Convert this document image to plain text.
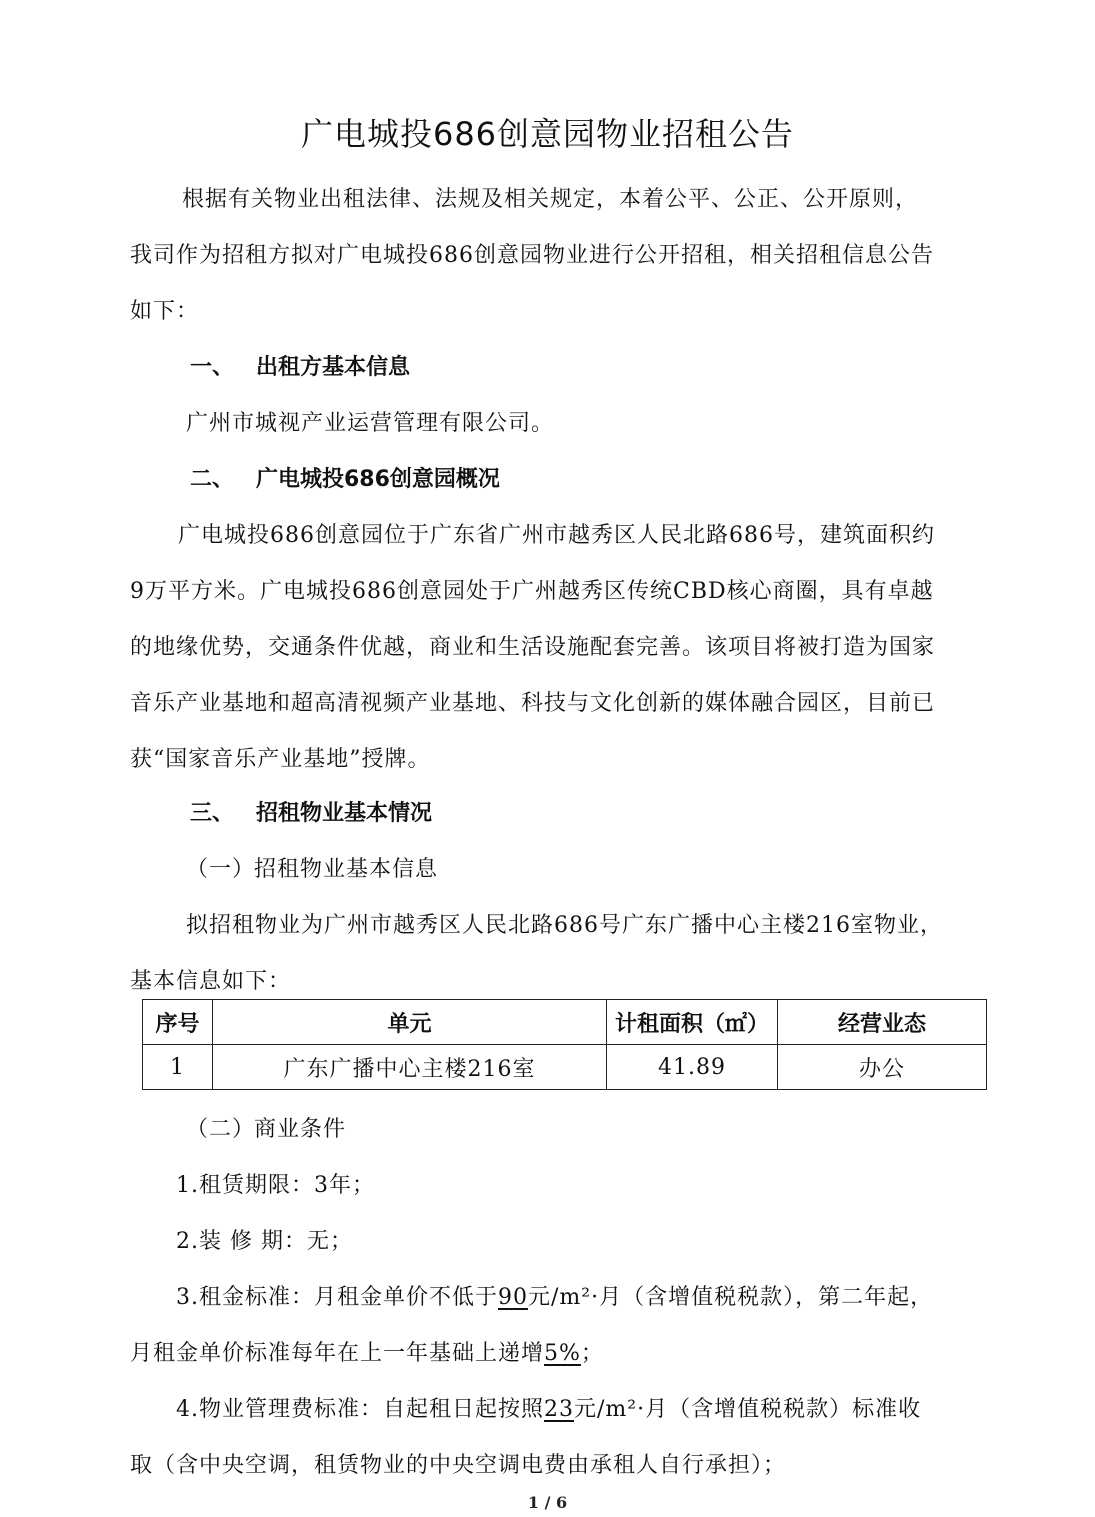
广电城投686创意园物业招租公告
根据有关物业出租法律、法规及相关规定，本着公平、公正、公开原则，
我司作为招租方拟对广电城投686创意园物业进行公开招租，相关招租信息公告
如下：
一、 出租方基本信息
广州市城视产业运营管理有限公司。
二、 广电城投686创意园概况
广电城投686创意园位于广东省广州市越秀区人民北路686号，建筑面积约
9万平方米。广电城投686创意园处于广州越秀区传统CBD核心商圈，具有卓越
的地缘优势，交通条件优越，商业和生活设施配套完善。该项目将被打造为国家
音乐产业基地和超高清视频产业基地、科技与文化创新的媒体融合园区，目前已
获“国家音乐产业基地”授牌。
三、 招租物业基本情况
（一）招租物业基本信息
拟招租物业为广州市越秀区人民北路686号广东广播中心主楼216室物业，
基本信息如下：
序号	单元	计租面积（㎡）	经营业态
1	广东广播中心主楼216室	41.89	办公
（二）商业条件
1.租赁期限：3年；
2.装 修 期：无；
3.租金标准：月租金单价不低于90元/m²·月（含增值税税款），第二年起，
月租金单价标准每年在上一年基础上递增5%；
4.物业管理费标准：自起租日起按照23元/m²·月（含增值税税款）标准收
取（含中央空调，租赁物业的中央空调电费由承租人自行承担）；
1 / 6
